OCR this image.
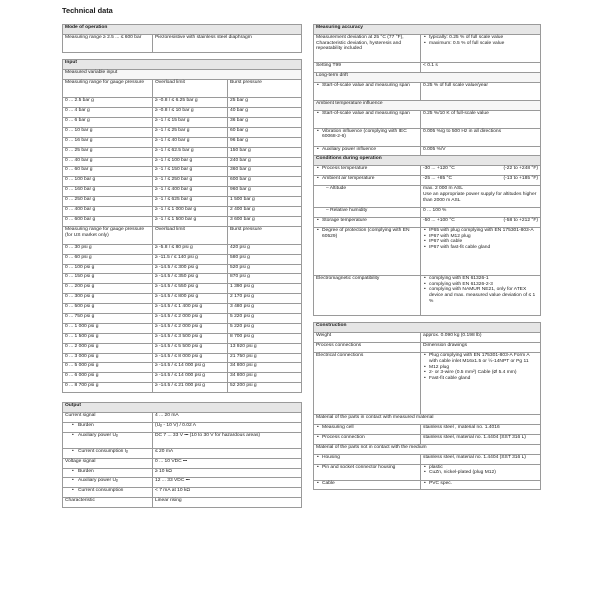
Technical data
Mode of operation
Measuring range ≥ 2.5 ... ≤ 600 bar	Piezoresistive with stainless steel diaphragm
Input		
Measured variable input		
Measuring range for gauge pressure	Overload limit	Burst pressure
0 ... 2.5 bar g	≥ -0.8 / ≤ 6.25 bar g	25 bar g
0 ... 4 bar g	≥ -0.8 / ≤ 10 bar g	40 bar g
0 ... 6 bar g	≥ -1 / ≤ 15 bar g	36 bar g
0 ... 10 bar g	≥ -1 / ≤ 25 bar g	60 bar g
0 ... 16 bar g	≥ -1 / ≤ 40 bar g	96 bar g
0 ... 25 bar g	≥ -1 / ≤ 62.5 bar g	150 bar g
0 ... 40 bar g	≥ -1 / ≤ 100 bar g	240 bar g
0 ... 60 bar g	≥ -1 / ≤ 150 bar g	360 bar g
0 ... 100 bar g	≥ -1 / ≤ 250 bar g	600 bar g
0 ... 160 bar g	≥ -1 / ≤ 400 bar g	960 bar g
0 ... 250 bar g	≥ -1 / ≤ 625 bar g	1 500 bar g
0 ... 400 bar g	≥ -1 / ≤ 1 000 bar g	2 400 bar g
0 ... 600 bar g	≥ -1 / ≤ 1 500 bar g	3 600 bar g
Measuring range for gauge pressure (for US market only)	Overload limit	Burst pressure
0 ... 30 psi g	≥ -5.8 / ≤ 80 psi g	420 psi g
0 ... 60 psi g	≥ -11.5 / ≤ 140 psi g	580 psi g
0 ... 100 psi g	≥ -14.5 / ≤ 300 psi g	520 psi g
0 ... 150 psi g	≥ -14.5 / ≤ 350 psi g	870 psi g
0 ... 200 psi g	≥ -14.5 / ≤ 550 psi g	1 390 psi g
0 ... 300 psi g	≥ -14.5 / ≤ 800 psi g	2 170 psi g
0 ... 500 psi g	≥ -14.5 / ≤ 1 400 psi g	3 480 psi g
0 ... 750 psi g	≥ -14.5 / ≤ 2 000 psi g	5 220 psi g
0 ... 1 000 psi g	≥ -14.5 / ≤ 2 000 psi g	5 220 psi g
0 ... 1 500 psi g	≥ -14.5 / ≤ 3 500 psi g	8 700 psi g
0 ... 2 000 psi g	≥ -14.5 / ≤ 5 500 psi g	13 920 psi g
0 ... 3 000 psi g	≥ -14.5 / ≤ 8 000 psi g	21 750 psi g
0 ... 5 000 psi g	≥ -14.5 / ≤ 14 000 psi g	34 800 psi g
0 ... 6 000 psi g	≥ -14.5 / ≤ 14 000 psi g	34 800 psi g
0 ... 8 700 psi g	≥ -14.5 / ≤ 21 000 psi g	52 200 psi g
Output	

Current signal	4 ... 20 mA

• Burden	(Uᵦ - 10 V) / 0.02 A

• Auxiliary power Uᵦ	DC 7 ... 33 V ⎓ (10 to 30 V for hazardous areas)

• Current consumption Iᵦ	≤ 20 mA

Voltage signal	0 ... 10 VDC ⎓

• Burden	≥ 10 kΩ

• Auxiliary power Uᵦ	12 ... 33 VDC ⎓

• Current consumption	< 7 mA at 10 kΩ

Characteristic	Linear rising
Measuring accuracy	
Measurement deviation at 25 °C (77 °F), Characteristic deviation, hysteresis and repeatability included	• typically: 0.25 % of full scale value
• maximum: 0.5 % of full scale value

Setting T99	< 0.1 s
Long-term drift	

• Start-of-scale value and measuring span	0.25 % of full scale value/year
Ambient temperature influence	

• Start-of-scale value and measuring span	0.25 %/10 K of full-scale value

• Vibration influence (complying with IEC 60068-2-6)	0.005 %/g to 500 Hz in all directions

• Auxiliary power influence	0.005 %/V
Conditions during operation	

• Process temperature	-30 ... +120 °C (-22 to +248 °F)

• Ambient air temperature	-25 ... +85 °C (-13 to +185 °F)

– Altitude	max. 2 000 m ASL
Use an appropriate power supply for altitudes higher than 2000 m ASL

– Relative humidity	0 ... 100 %

• Storage temperature	-50 ... +100 °C (-58 to +212 °F)

• Degree of protection (complying with EN 60529)	• IP65 with plug complying with EN 175301-803-A
• IP67 with M12 plug
• IP67 with cable
• IP67 with fast-fit cable gland

Electromagnetic compatibility	• complying with EN 61326-1
• complying with EN 61326-2-3
• complying with NAMUR NE21, only for ATEX device and max. measured value deviation of ≤ 1 %
Construction	
Weight	approx. 0.090 kg (0.198 lb)
Process connections	Dimension drawings
Electrical connections	• Plug complying with EN 175301-803-A Form A with cable inlet M16x1.5 or ½-14NPT or Pg 11
• M12 plug
• 2- or 3-wire (0.5 mm²) Cable (Ø 5.4 mm)
• Fast-fit cable gland

Material of the parts in contact with measured material	

• Measuring cell	stainless steel , material no. 1.4016

• Process connection	stainless steel, material no. 1.4404 (SST 316 L)
Material of the parts not in contact with the medium	

• Housing	stainless steel, material no. 1.4404 (SST 316 L)

• Pin and socket connector housing	• plastic
• CuZn, nickel-plated (plug M12)

• Cable	• PVC spec.
